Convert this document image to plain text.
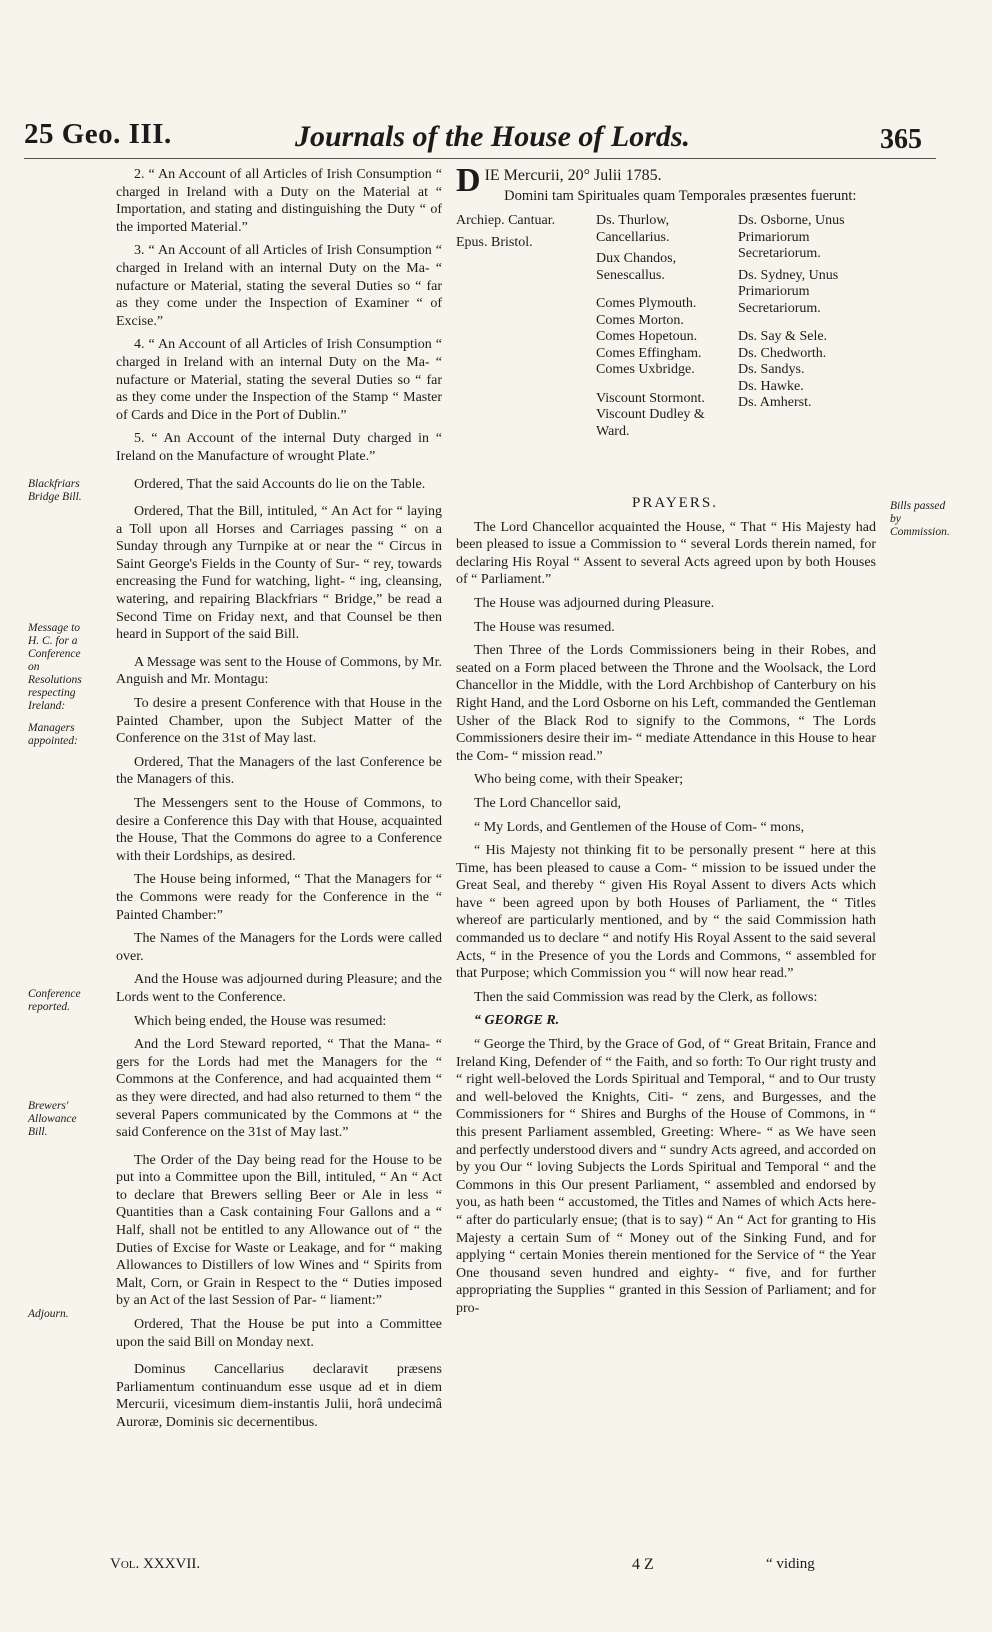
25 Geo. III.	Journals of the House of Lords.	365
Blackfriars Bridge Bill.
Message to H. C. for a Conference on Resolutions respecting Ireland:
Managers appointed:
Conference reported.
Brewers' Allowance Bill.
Adjourn.
Bills passed by Commission.

2. “ An Account of all Articles of Irish Consumption “ charged in Ireland with a Duty on the Material at “ Importation, and stating and distinguishing the Duty “ of the imported Material.”

3. “ An Account of all Articles of Irish Consumption “ charged in Ireland with an internal Duty on the Ma‑ “ nufacture or Material, stating the several Duties so “ far as they come under the Inspection of Examiner “ of Excise.”

4. “ An Account of all Articles of Irish Consumption “ charged in Ireland with an internal Duty on the Ma‑ “ nufacture or Material, stating the several Duties so “ far as they come under the Inspection of the Stamp “ Master of Cards and Dice in the Port of Dublin.”

5. “ An Account of the internal Duty charged in “ Ireland on the Manufacture of wrought Plate.”

Ordered, That the said Accounts do lie on the Table.

Ordered, That the Bill, intituled, “ An Act for “ laying a Toll upon all Horses and Carriages passing “ on a Sunday through any Turnpike at or near the “ Circus in Saint George's Fields in the County of Sur‑ “ rey, towards encreasing the Fund for watching, light‑ “ ing, cleansing, watering, and repairing Blackfriars “ Bridge,” be read a Second Time on Friday next, and that Counsel be then heard in Support of the said Bill.

A Message was sent to the House of Commons, by Mr. Anguish and Mr. Montagu:

To desire a present Conference with that House in the Painted Chamber, upon the Subject Matter of the Conference on the 31st of May last.

Ordered, That the Managers of the last Conference be the Managers of this.

The Messengers sent to the House of Commons, to desire a Conference this Day with that House, acquainted the House, That the Commons do agree to a Conference with their Lordships, as desired.

The House being informed, “ That the Managers for “ the Commons were ready for the Conference in the “ Painted Chamber:”

The Names of the Managers for the Lords were called over.

And the House was adjourned during Pleasure; and the Lords went to the Conference.

Which being ended, the House was resumed:

And the Lord Steward reported, “ That the Mana‑ “ gers for the Lords had met the Managers for the “ Commons at the Conference, and had acquainted them “ as they were directed, and had also returned to them “ the several Papers communicated by the Commons at “ the said Conference on the 31st of May last.”

The Order of the Day being read for the House to be put into a Committee upon the Bill, intituled, “ An “ Act to declare that Brewers selling Beer or Ale in less “ Quantities than a Cask containing Four Gallons and a “ Half, shall not be entitled to any Allowance out of “ the Duties of Excise for Waste or Leakage, and for “ making Allowances to Distillers of low Wines and “ Spirits from Malt, Corn, or Grain in Respect to the “ Duties imposed by an Act of the last Session of Par‑ “ liament:”

Ordered, That the House be put into a Committee upon the said Bill on Monday next.

Dominus Cancellarius declaravit præsens Parliamentum continuandum esse usque ad et in diem Mercurii, vicesimum diem-instantis Julii, horâ undecimâ Auroræ, Dominis sic decernentibus.

D IE Mercurii, 20° Julii 1785.
Domini tam Spirituales quam Temporales præsentes fuerunt:
Archiep. Cantuar.
Epus. Bristol.
Ds. Thurlow, Cancellarius.
Dux Chandos, Senescallus.
Comes Plymouth.
Comes Morton.
Comes Hopetoun.
Comes Effingham.
Comes Uxbridge.
Viscount Stormont.
Viscount Dudley & Ward.
Ds. Osborne, Unus Primariorum Secretariorum.
Ds. Sydney, Unus Primariorum Secretariorum.
Ds. Say & Sele.
Ds. Chedworth.
Ds. Sandys.
Ds. Hawke.
Ds. Amherst.

PRAYERS.

The Lord Chancellor acquainted the House, “ That “ His Majesty had been pleased to issue a Commission to “ several Lords therein named, for declaring His Royal “ Assent to several Acts agreed upon by both Houses of “ Parliament.”

The House was adjourned during Pleasure.

The House was resumed.

Then Three of the Lords Commissioners being in their Robes, and seated on a Form placed between the Throne and the Woolsack, the Lord Chancellor in the Middle, with the Lord Archbishop of Canterbury on his Right Hand, and the Lord Osborne on his Left, commanded the Gentleman Usher of the Black Rod to signify to the Commons, “ The Lords Commissioners desire their im‑ “ mediate Attendance in this House to hear the Com‑ “ mission read.”

Who being come, with their Speaker;

The Lord Chancellor said,

“ My Lords, and Gentlemen of the House of Com‑ “ mons,

“ His Majesty not thinking fit to be personally present “ here at this Time, has been pleased to cause a Com‑ “ mission to be issued under the Great Seal, and thereby “ given His Royal Assent to divers Acts which have “ been agreed upon by both Houses of Parliament, the “ Titles whereof are particularly mentioned, and by “ the said Commission hath commanded us to declare “ and notify His Royal Assent to the said several Acts, “ in the Presence of you the Lords and Commons, “ assembled for that Purpose; which Commission you “ will now hear read.”

Then the said Commission was read by the Clerk, as follows:

“ GEORGE R.

“ George the Third, by the Grace of God, of “ Great Britain, France and Ireland King, Defender of “ the Faith, and so forth: To Our right trusty and “ right well-beloved the Lords Spiritual and Temporal, “ and to Our trusty and well-beloved the Knights, Citi‑ “ zens, and Burgesses, and the Commissioners for “ Shires and Burghs of the House of Commons, in “ this present Parliament assembled, Greeting: Where‑ “ as We have seen and perfectly understood divers and “ sundry Acts agreed, and accorded on by you Our “ loving Subjects the Lords Spiritual and Temporal “ and the Commons in this Our present Parliament, “ assembled and endorsed by you, as hath been “ accustomed, the Titles and Names of which Acts here‑ “ after do particularly ensue; (that is to say) “ An “ Act for granting to His Majesty a certain Sum of “ Money out of the Sinking Fund, and for applying “ certain Monies therein mentioned for the Service of “ the Year One thousand seven hundred and eighty‑ “ five, and for further appropriating the Supplies “ granted in this Session of Parliament; and for pro‑

Vol. XXXVII.	4 Z	“ viding
